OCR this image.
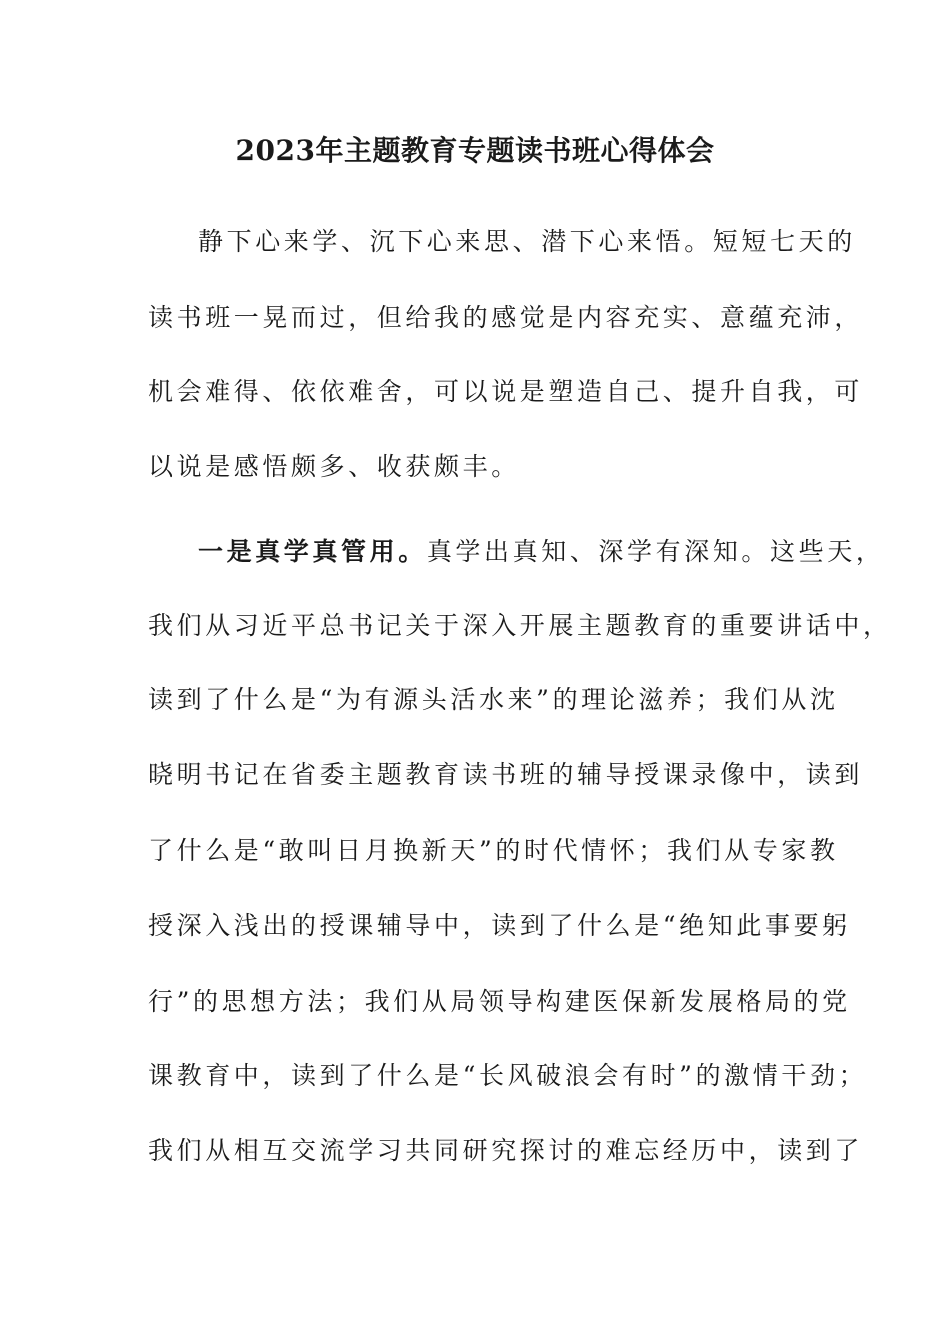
2023年主题教育专题读书班心得体会
静下心来学、沉下心来思、潜下心来悟。短短七天的
读书班一晃而过，但给我的感觉是内容充实、意蕴充沛，
机会难得、依依难舍，可以说是塑造自己、提升自我，可
以说是感悟颇多、收获颇丰。
一是真学真管用。真学出真知、深学有深知。这些天，
我们从习近平总书记关于深入开展主题教育的重要讲话中，
读到了什么是“为有源头活水来”的理论滋养；我们从沈
晓明书记在省委主题教育读书班的辅导授课录像中，读到
了什么是“敢叫日月换新天”的时代情怀；我们从专家教
授深入浅出的授课辅导中，读到了什么是“绝知此事要躬
行”的思想方法；我们从局领导构建医保新发展格局的党
课教育中，读到了什么是“长风破浪会有时”的激情干劲；
我们从相互交流学习共同研究探讨的难忘经历中，读到了
